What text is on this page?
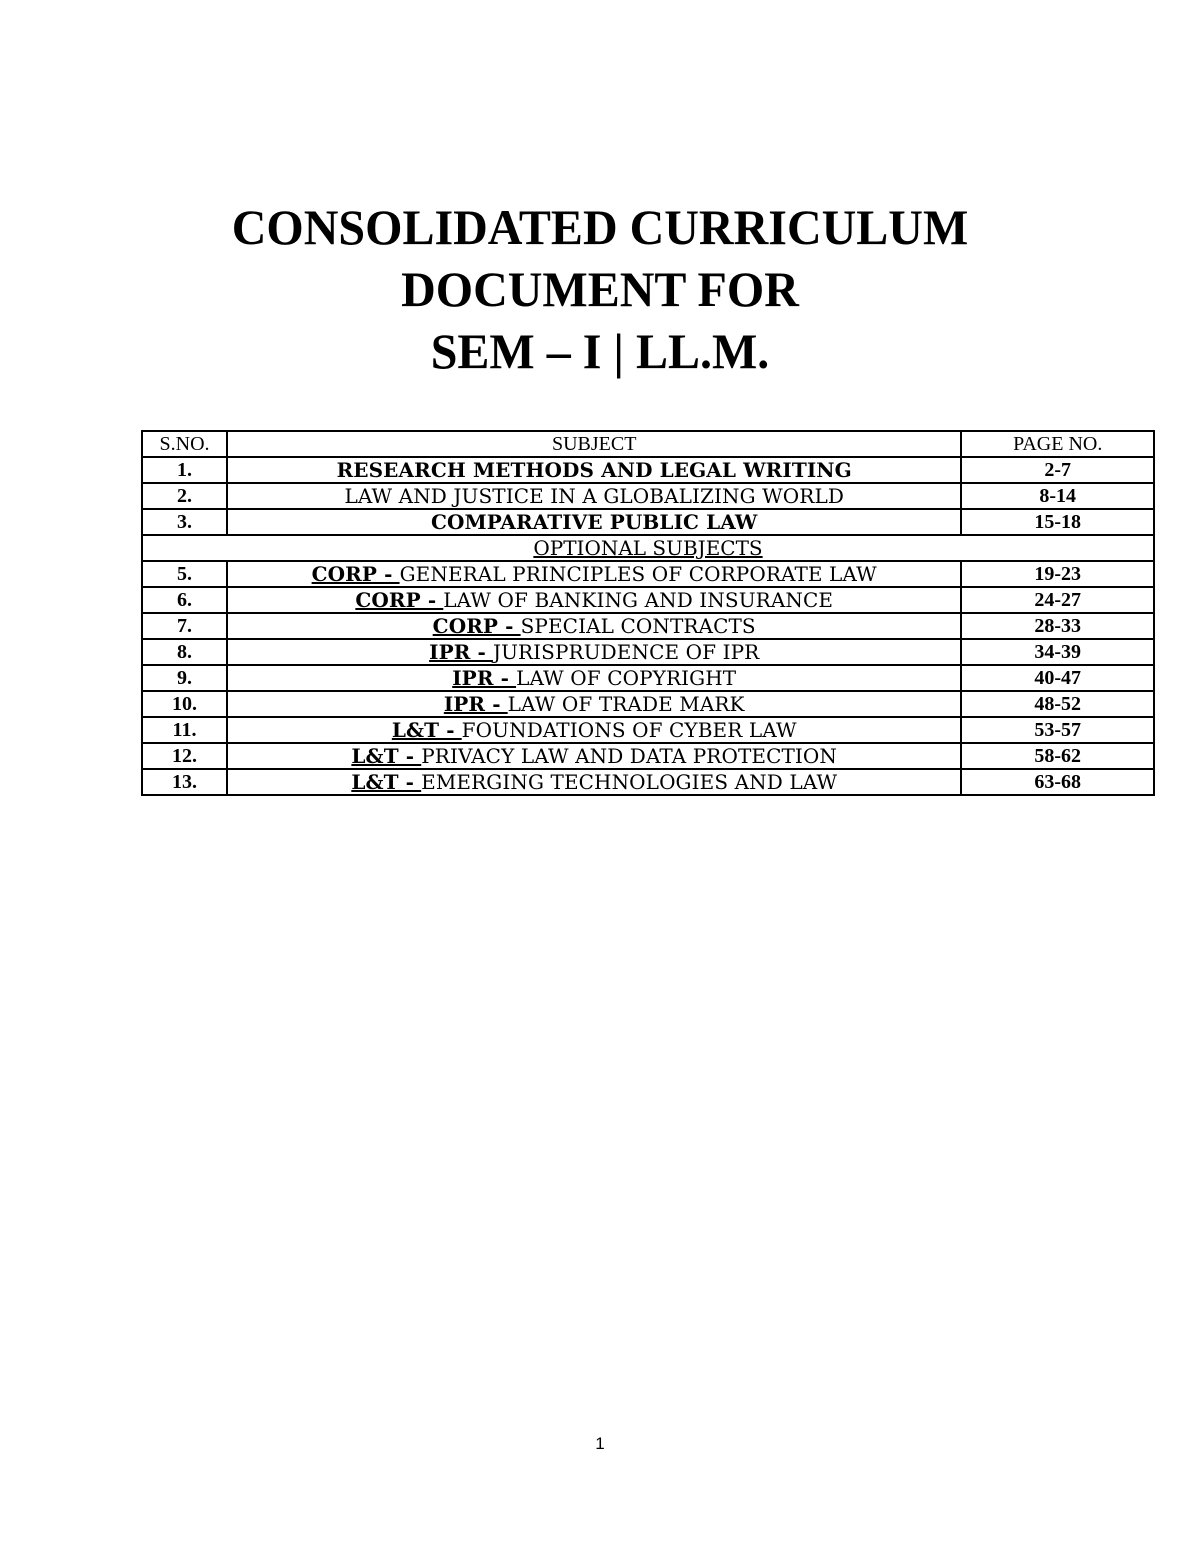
CONSOLIDATED CURRICULUM
DOCUMENT FOR
SEM – I | LL.M.
S.NO.	SUBJECT	PAGE NO.
1.	RESEARCH METHODS AND LEGAL WRITING	2-7
2.	LAW AND JUSTICE IN A GLOBALIZING WORLD	8-14
3.	COMPARATIVE PUBLIC LAW	15-18
OPTIONAL SUBJECTS		
5.	CORP - GENERAL PRINCIPLES OF CORPORATE LAW	19-23
6.	CORP - LAW OF BANKING AND INSURANCE	24-27
7.	CORP - SPECIAL CONTRACTS	28-33
8.	IPR - JURISPRUDENCE OF IPR	34-39
9.	IPR - LAW OF COPYRIGHT	40-47
10.	IPR - LAW OF TRADE MARK	48-52
11.	L&T - FOUNDATIONS OF CYBER LAW	53-57
12.	L&T - PRIVACY LAW AND DATA PROTECTION	58-62
13.	L&T - EMERGING TECHNOLOGIES AND LAW	63-68
1
